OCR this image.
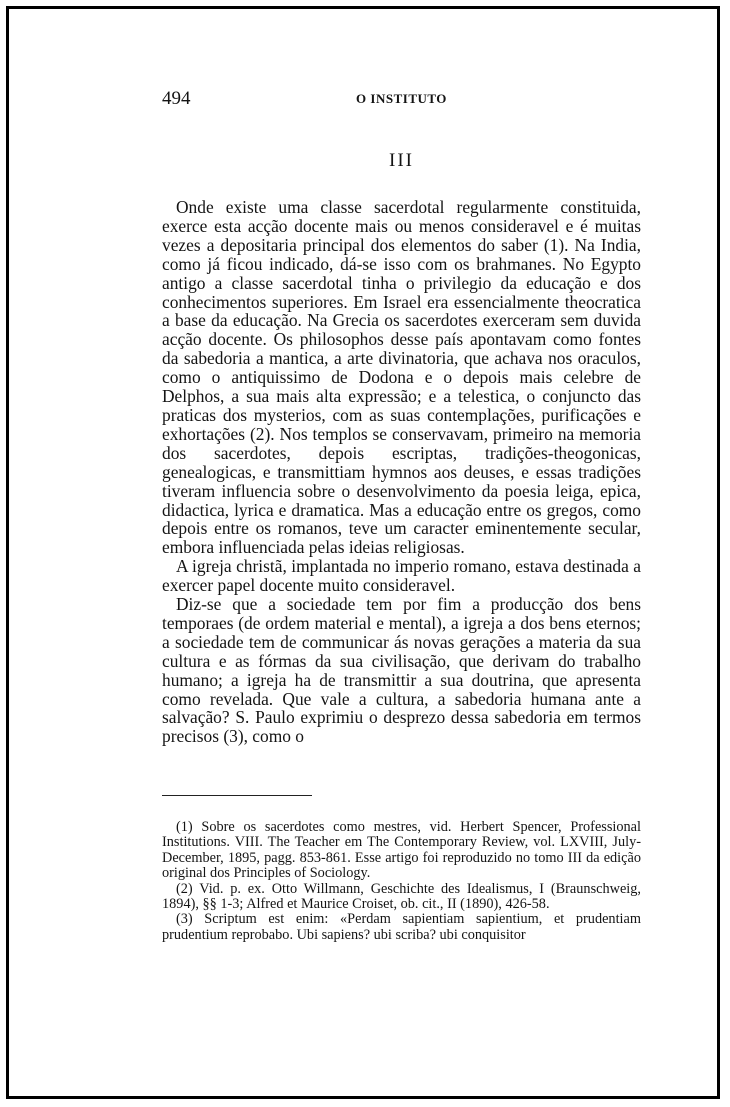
494	O INSTITUTO
III

Onde existe uma classe sacerdotal regularmente constituida, exerce esta acção docente mais ou menos consideravel e é muitas vezes a depositaria principal dos elementos do saber (1). Na India, como já ficou indicado, dá-se isso com os brahmanes. No Egypto antigo a classe sacerdotal tinha o privilegio da educação e dos conhecimentos superiores. Em Israel era essencialmente theocratica a base da educação. Na Grecia os sacerdotes exerceram sem duvida acção docente. Os philosophos desse país apontavam como fontes da sabedoria a mantica, a arte divinatoria, que achava nos oraculos, como o antiquissimo de Dodona e o depois mais celebre de Delphos, a sua mais alta expressão; e a telestica, o conjuncto das praticas dos mysterios, com as suas contemplações, purificações e exhortações (2). Nos templos se conservavam, primeiro na memoria dos sacerdotes, depois escriptas, tradições-theogonicas, genealogicas, e transmittiam hymnos aos deuses, e essas tradições tiveram influencia sobre o desenvolvimento da poesia leiga, epica, didactica, lyrica e dramatica. Mas a educação entre os gregos, como depois entre os romanos, teve um caracter eminentemente secular, embora influenciada pelas ideias religiosas.

A igreja christã, implantada no imperio romano, estava destinada a exercer papel docente muito consideravel.

Diz-se que a sociedade tem por fim a producção dos bens temporaes (de ordem material e mental), a igreja a dos bens eternos; a sociedade tem de communicar ás novas gerações a materia da sua cultura e as fórmas da sua civilisação, que derivam do trabalho humano; a igreja ha de transmittir a sua doutrina, que apresenta como revelada. Que vale a cultura, a sabedoria humana ante a salvação? S. Paulo exprimiu o desprezo dessa sabedoria em termos precisos (3), como o

(1) Sobre os sacerdotes como mestres, vid. Herbert Spencer, Professional Institutions. VIII. The Teacher em The Contemporary Review, vol. LXVIII, July-December, 1895, pagg. 853-861. Esse artigo foi reproduzido no tomo III da edição original dos Principles of Sociology.

(2) Vid. p. ex. Otto Willmann, Geschichte des Idealismus, I (Braunschweig, 1894), §§ 1-3; Alfred et Maurice Croiset, ob. cit., II (1890), 426-58.

(3) Scriptum est enim: «Perdam sapientiam sapientium, et prudentiam prudentium reprobabo. Ubi sapiens? ubi scriba? ubi conquisitor
